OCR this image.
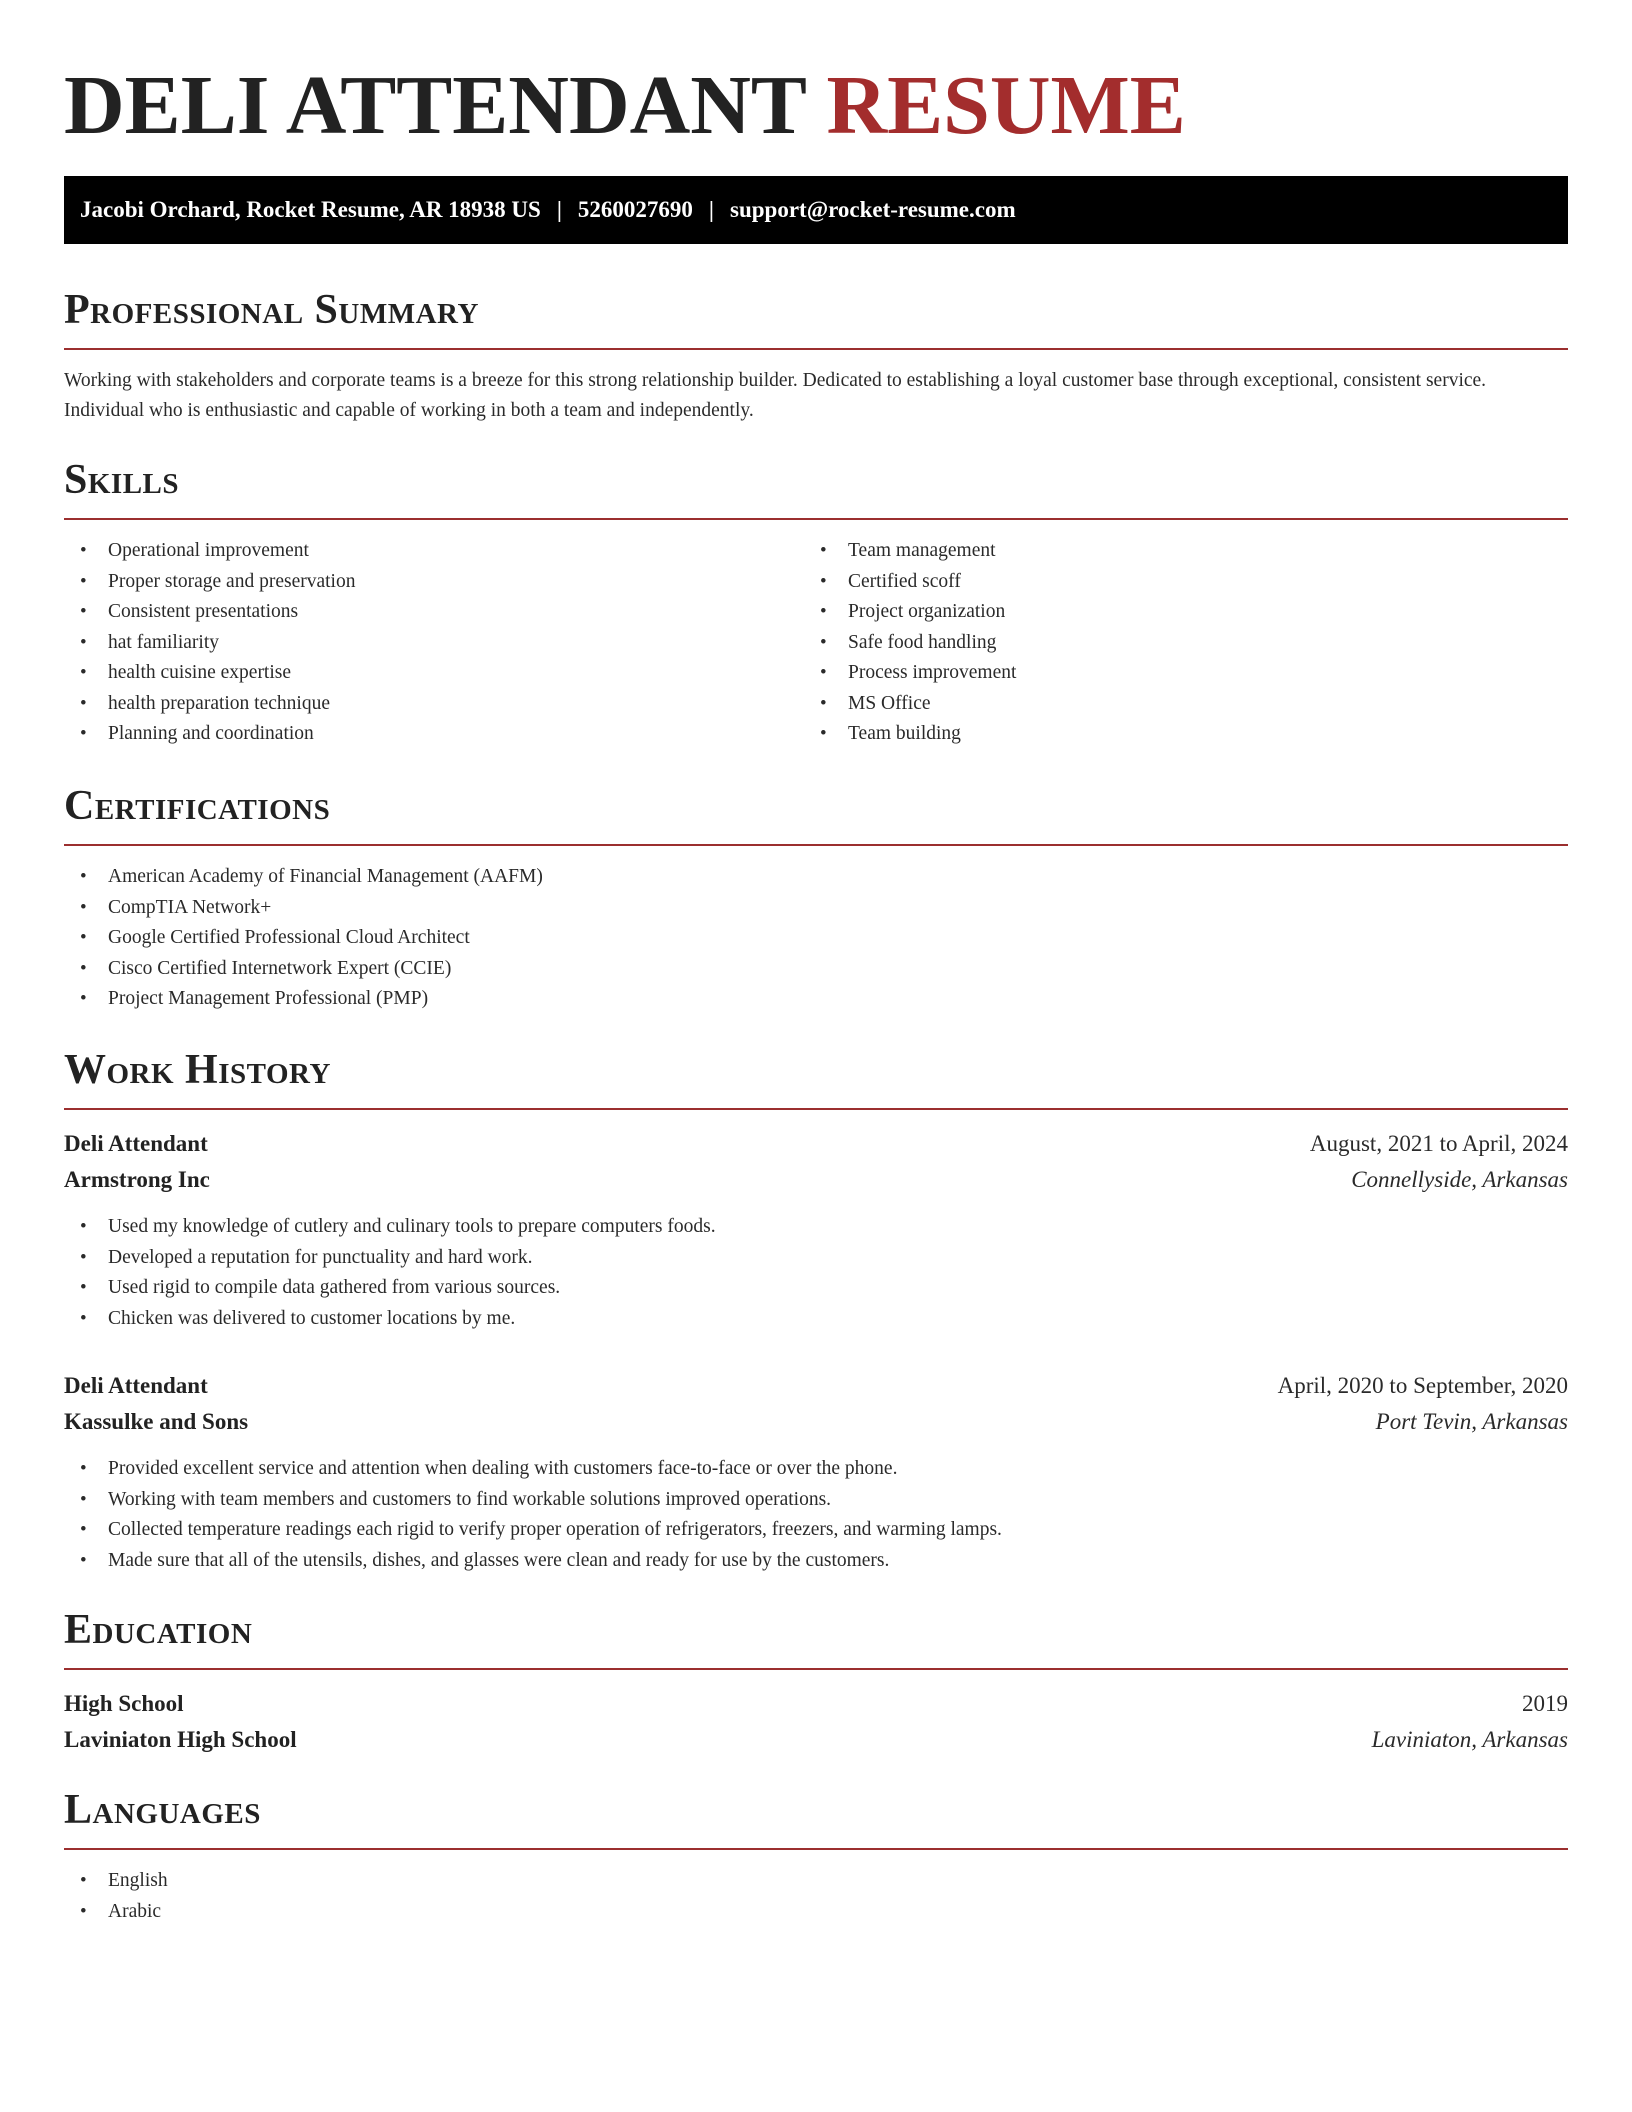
DELI ATTENDANT RESUME
Jacobi Orchard, Rocket Resume, AR 18938 US | 5260027690 | support@rocket-resume.com
Professional Summary
Working with stakeholders and corporate teams is a breeze for this strong relationship builder. Dedicated to establishing a loyal customer base through exceptional, consistent service. Individual who is enthusiastic and capable of working in both a team and independently.
Skills
• Operational improvement
• Proper storage and preservation
• Consistent presentations
• hat familiarity
• health cuisine expertise
• health preparation technique
• Planning and coordination
• Team management
• Certified scoff
• Project organization
• Safe food handling
• Process improvement
• MS Office
• Team building
Certifications
• American Academy of Financial Management (AAFM)
• CompTIA Network+
• Google Certified Professional Cloud Architect
• Cisco Certified Internetwork Expert (CCIE)
• Project Management Professional (PMP)
Work History
Deli Attendant	August, 2021 to April, 2024
Armstrong Inc	Connellyside, Arkansas
• Used my knowledge of cutlery and culinary tools to prepare computers foods.
• Developed a reputation for punctuality and hard work.
• Used rigid to compile data gathered from various sources.
• Chicken was delivered to customer locations by me.
Deli Attendant	April, 2020 to September, 2020
Kassulke and Sons	Port Tevin, Arkansas
• Provided excellent service and attention when dealing with customers face-to-face or over the phone.
• Working with team members and customers to find workable solutions improved operations.
• Collected temperature readings each rigid to verify proper operation of refrigerators, freezers, and warming lamps.
• Made sure that all of the utensils, dishes, and glasses were clean and ready for use by the customers.
Education
High School	2019
Laviniaton High School	Laviniaton, Arkansas
Languages
• English
• Arabic
